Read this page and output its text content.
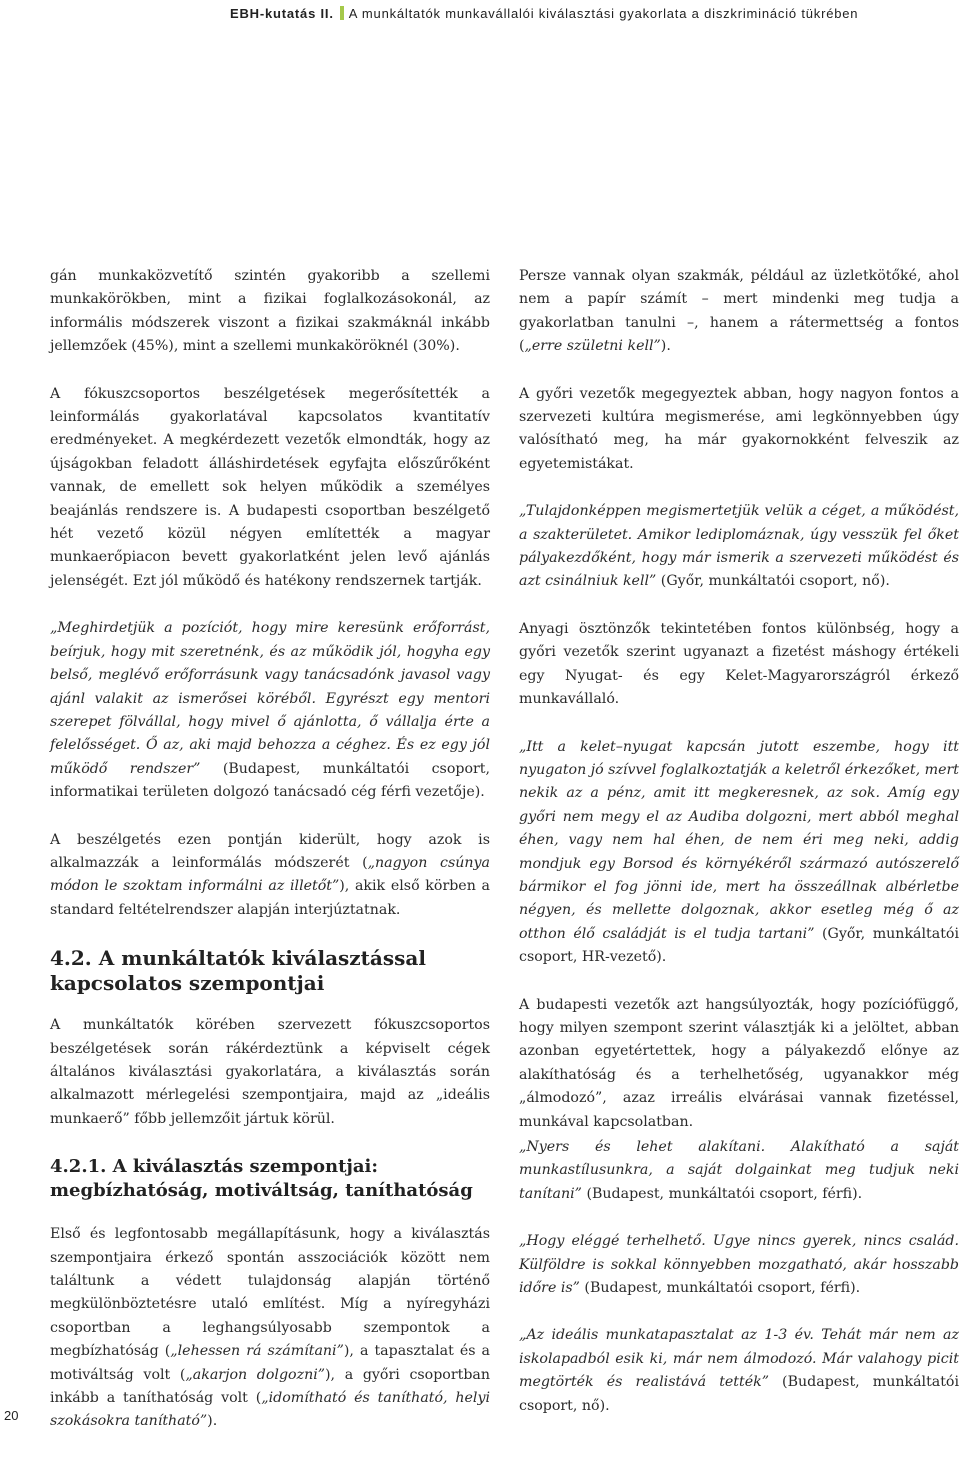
EBH-kutatás II. A munkáltatók munkavállalói kiválasztási gyakorlata a diszkrimináció tükrében

gán munkaközvetítő szintén gyakoribb a szellemi munkakörökben, mint a fizikai foglalkozásokonál, az informális módszerek viszont a fizikai szakmáknál inkább jellemzőek (45%), mint a szellemi munkaköröknél (30%).

A fókuszcsoportos beszélgetések megerősítették a leinformálás gyakorlatával kapcsolatos kvantitatív eredményeket. A megkérdezett vezetők elmondták, hogy az újságokban feladott álláshirdetések egyfajta előszűrőként vannak, de emellett sok helyen működik a személyes beajánlás rendszere is. A budapesti csoportban beszélgető hét vezető közül négyen említették a magyar munkaerőpiacon bevett gyakorlatként jelen levő ajánlás jelenségét. Ezt jól működő és hatékony rendszernek tartják.

„Meghirdetjük a pozíciót, hogy mire keresünk erőforrást, beírjuk, hogy mit szeretnénk, és az működik jól, hogyha egy belső, meglévő erőforrásunk vagy tanácsadónk javasol vagy ajánl valakit az ismerősei köréből. Egyrészt egy mentori szerepet fölvállal, hogy mivel ő ajánlotta, ő vállalja érte a felelősséget. Ő az, aki majd behozza a céghez. És ez egy jól működő rendszer” (Budapest, munkáltatói csoport, informatikai területen dolgozó tanácsadó cég férfi vezetője).

A beszélgetés ezen pontján kiderült, hogy azok is alkalmazzák a leinformálás módszerét („nagyon csúnya módon le szoktam informálni az illetőt”), akik első körben a standard feltételrendszer alapján interjúztatnak.

4.2. A munkáltatók kiválasztással kapcsolatos szempontjai

A munkáltatók körében szervezett fókuszcsoportos beszélgetések során rákérdeztünk a képviselt cégek általános kiválasztási gyakorlatára, a kiválasztás során alkalmazott mérlegelési szempontjaira, majd az „ideális munkaerő” főbb jellemzőit jártuk körül.

4.2.1. A kiválasztás szempontjai: megbízhatóság, motiváltság, taníthatóság

Első és legfontosabb megállapításunk, hogy a kiválasztás szempontjaira érkező spontán asszociációk között nem találtunk a védett tulajdonság alapján történő megkülönböztetésre utaló említést. Míg a nyíregyházi csoportban a leghangsúlyosabb szempontok a megbízhatóság („lehessen rá számítani”), a tapasztalat és a motiváltság volt („akarjon dolgozni”), a győri csoportban inkább a taníthatóság volt („idomítható és tanítható, helyi szokásokra tanítható”).

Persze vannak olyan szakmák, például az üzletkötőké, ahol nem a papír számít – mert mindenki meg tudja a gyakorlatban tanulni –, hanem a rátermettség a fontos („erre születni kell”).

A győri vezetők megegyeztek abban, hogy nagyon fontos a szervezeti kultúra megismerése, ami legkönnyebben úgy valósítható meg, ha már gyakornokként felveszik az egyetemistákat.

„Tulajdonképpen megismertetjük velük a céget, a működést, a szakterületet. Amikor lediplomáznak, úgy vesszük fel őket pályakezdőként, hogy már ismerik a szervezeti működést és azt csinálniuk kell” (Győr, munkáltatói csoport, nő).

Anyagi ösztönzők tekintetében fontos különbség, hogy a győri vezetők szerint ugyanazt a fizetést máshogy értékeli egy Nyugat- és egy Kelet-Magyarországról érkező munkavállaló.

„Itt a kelet–nyugat kapcsán jutott eszembe, hogy itt nyugaton jó szívvel foglalkoztatják a keletről érkezőket, mert nekik az a pénz, amit itt megkeresnek, az sok. Amíg egy győri nem megy el az Audiba dolgozni, mert abból meghal éhen, vagy nem hal éhen, de nem éri meg neki, addig mondjuk egy Borsod és környékéről származó autószerelő bármikor el fog jönni ide, mert ha összeállnak albérletbe négyen, és mellette dolgoznak, akkor esetleg még ő az otthon élő családját is el tudja tartani” (Győr, munkáltatói csoport, HR-vezető).

A budapesti vezetők azt hangsúlyozták, hogy pozíciófüggő, hogy milyen szempont szerint választják ki a jelöltet, abban azonban egyetértettek, hogy a pályakezdő előnye az alakíthatóság és a terhelhetőség, ugyanakkor még „álmodozó”, azaz irreális elvárásai vannak fizetéssel, munkával kapcsolatban.

„Nyers és lehet alakítani. Alakítható a saját munkastílusunkra, a saját dolgainkat meg tudjuk neki tanítani” (Budapest, munkáltatói csoport, férfi).

„Hogy eléggé terhelhető. Ugye nincs gyerek, nincs család. Külföldre is sokkal könnyebben mozgatható, akár hosszabb időre is” (Budapest, munkáltatói csoport, férfi).

„Az ideális munkatapasztalat az 1-3 év. Tehát már nem az iskolapadból esik ki, már nem álmodozó. Már valahogy picit megtörték és realistává tették” (Budapest, munkáltatói csoport, nő).

20
